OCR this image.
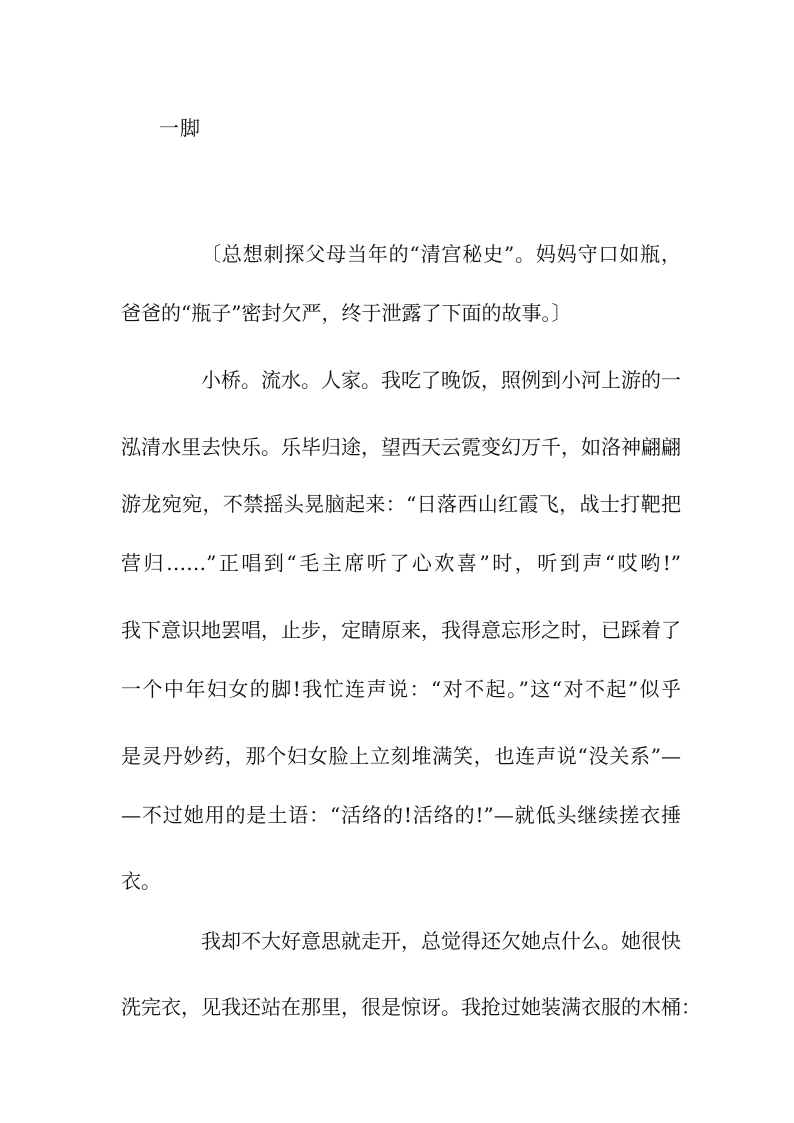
一脚

〔总想刺探父母当年的“清宫秘史”。妈妈守口如瓶，

爸爸的“瓶子”密封欠严，终于泄露了下面的故事。〕

小桥。流水。人家。我吃了晚饭，照例到小河上游的一

泓清水里去快乐。乐毕归途，望西天云霓变幻万千，如洛神翩翩

游龙宛宛，不禁摇头晃脑起来：“日落西山红霞飞，战士打靶把

营归……”正唱到“毛主席听了心欢喜”时，听到声“哎哟!”

我下意识地罢唱，止步，定睛原来，我得意忘形之时，已踩着了

一个中年妇女的脚!我忙连声说：“对不起。”这“对不起”似乎

是灵丹妙药，那个妇女脸上立刻堆满笑，也连声说“没关系”—

—不过她用的是土语：“活络的!活络的!”—就低头继续搓衣捶

衣。

我却不大好意思就走开，总觉得还欠她点什么。她很快

洗完衣，见我还站在那里，很是惊讶。我抢过她装满衣服的木桶：
